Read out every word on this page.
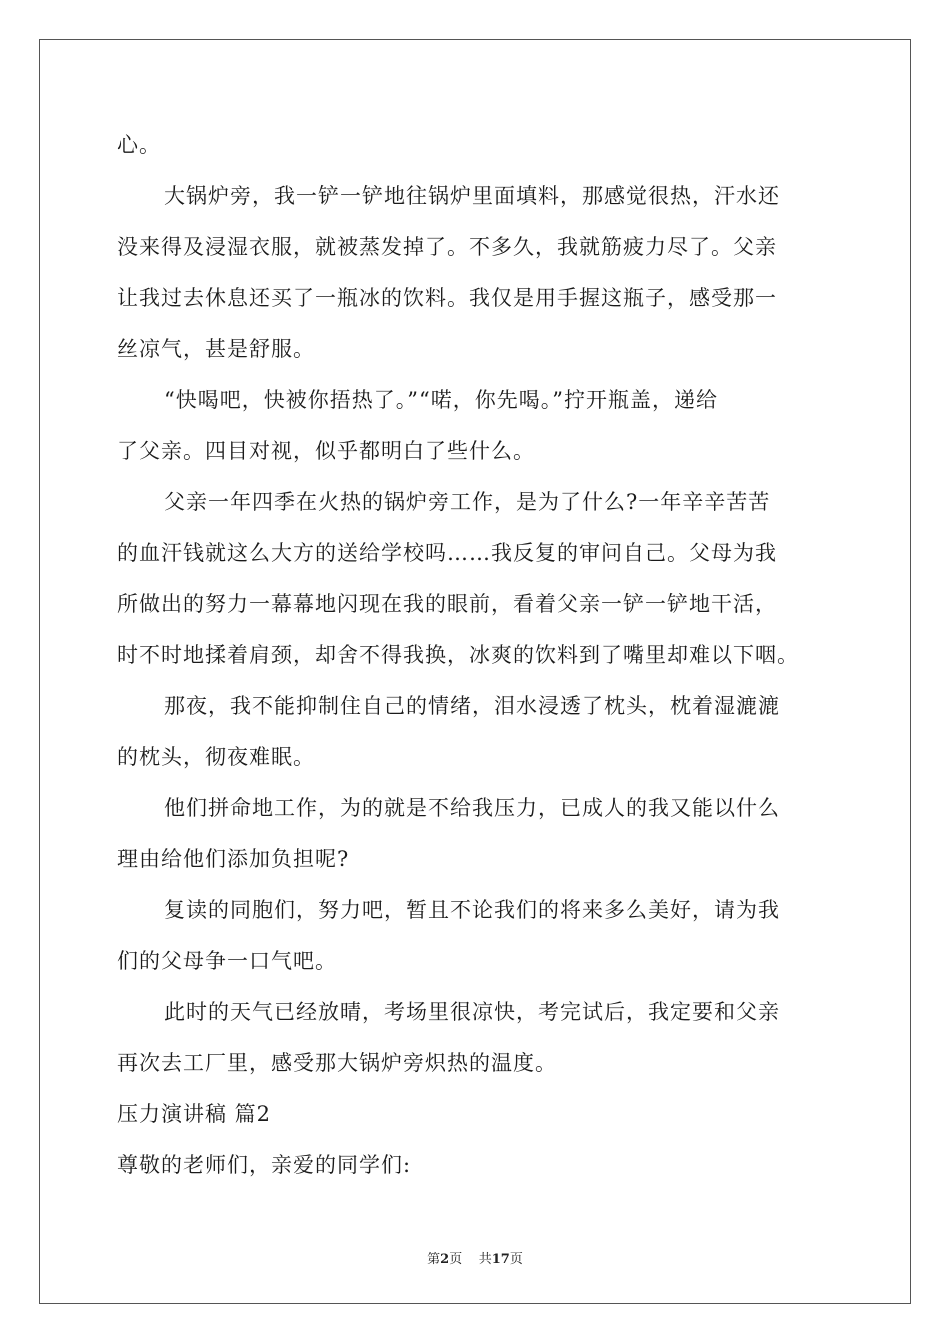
心。
大锅炉旁，我一铲一铲地往锅炉里面填料，那感觉很热，汗水还
没来得及浸湿衣服，就被蒸发掉了。不多久，我就筋疲力尽了。父亲
让我过去休息还买了一瓶冰的饮料。我仅是用手握这瓶子，感受那一
丝凉气，甚是舒服。
“快喝吧，快被你捂热了。”“喏，你先喝。”拧开瓶盖，递给
了父亲。四目对视，似乎都明白了些什么。
父亲一年四季在火热的锅炉旁工作，是为了什么?一年辛辛苦苦
的血汗钱就这么大方的送给学校吗……我反复的审问自己。父母为我
所做出的努力一幕幕地闪现在我的眼前，看着父亲一铲一铲地干活，
时不时地揉着肩颈，却舍不得我换，冰爽的饮料到了嘴里却难以下咽。
那夜，我不能抑制住自己的情绪，泪水浸透了枕头，枕着湿漉漉
的枕头，彻夜难眠。
他们拼命地工作，为的就是不给我压力，已成人的我又能以什么
理由给他们添加负担呢?
复读的同胞们，努力吧，暂且不论我们的将来多么美好，请为我
们的父母争一口气吧。
此时的天气已经放晴，考场里很凉快，考完试后，我定要和父亲
再次去工厂里，感受那大锅炉旁炽热的温度。
压力演讲稿 篇2
尊敬的老师们，亲爱的同学们:
第2页 共17页
